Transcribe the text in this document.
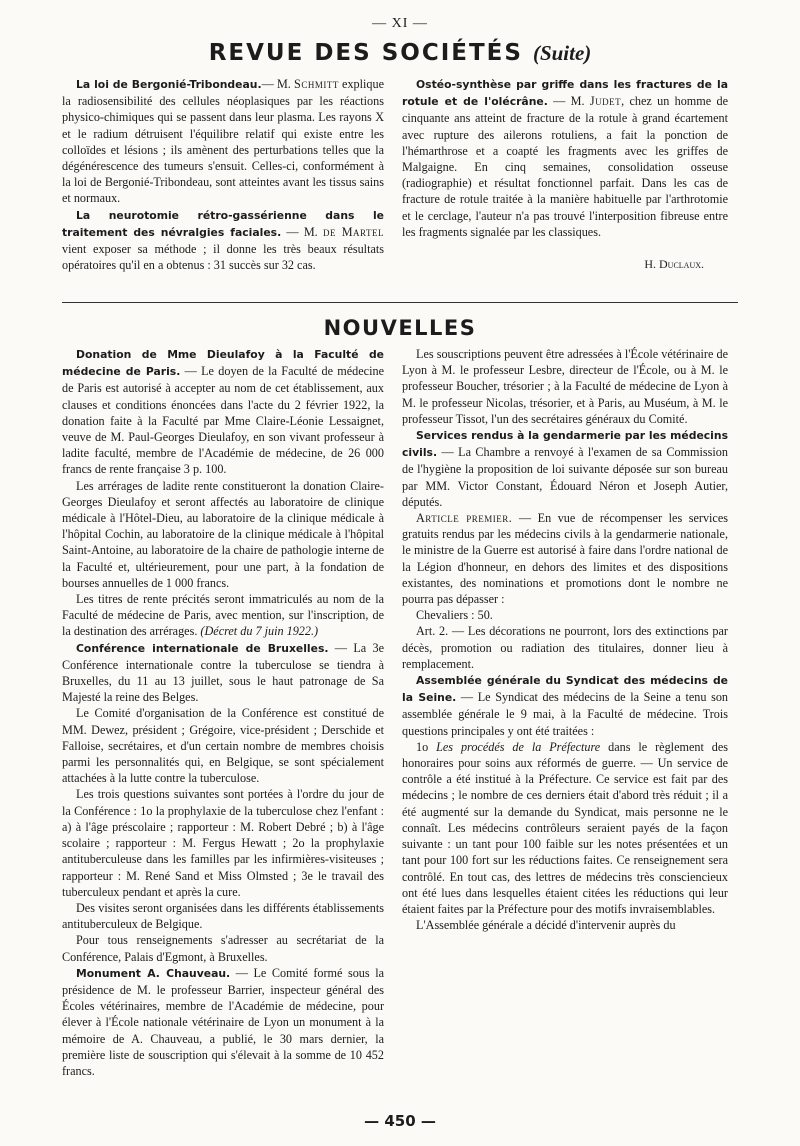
— XI —
REVUE DES SOCIÉTÉS (Suite)

La loi de Bergonié-Tribondeau.— M. Schmitt explique la radiosensibilité des cellules néoplasiques par les réactions physico-chimiques qui se passent dans leur plasma. Les rayons X et le radium détruisent l'équilibre relatif qui existe entre les colloïdes et lésions ; ils amènent des perturbations telles que la dégénérescence des tumeurs s'ensuit. Celles-ci, conformément à la loi de Bergonié-Tribondeau, sont atteintes avant les tissus sains et normaux.

La neurotomie rétro-gassérienne dans le traitement des névralgies faciales. — M. de Martel vient exposer sa méthode ; il donne les très beaux résultats opératoires qu'il en a obtenus : 31 succès sur 32 cas.

Ostéo-synthèse par griffe dans les fractures de la rotule et de l'olécrâne. — M. Judet, chez un homme de cinquante ans atteint de fracture de la rotule à grand écartement avec rupture des ailerons rotuliens, a fait la ponction de l'hémarthrose et a coapté les fragments avec les griffes de Malgaigne. En cinq semaines, consolidation osseuse (radiographie) et résultat fonctionnel parfait. Dans les cas de fracture de rotule traitée à la manière habituelle par l'arthrotomie et le cerclage, l'auteur n'a pas trouvé l'interposition fibreuse entre les fragments signalée par les classiques.

H. Duclaux.
NOUVELLES

Donation de Mme Dieulafoy à la Faculté de médecine de Paris. — Le doyen de la Faculté de médecine de Paris est autorisé à accepter au nom de cet établissement, aux clauses et conditions énoncées dans l'acte du 2 février 1922, la donation faite à la Faculté par Mme Claire-Léonie Lessaignet, veuve de M. Paul-Georges Dieulafoy, en son vivant professeur à ladite faculté, membre de l'Académie de médecine, de 26 000 francs de rente française 3 p. 100.

Les arrérages de ladite rente constitueront la donation Claire-Georges Dieulafoy et seront affectés au laboratoire de clinique médicale à l'Hôtel-Dieu, au laboratoire de la clinique médicale à l'hôpital Cochin, au laboratoire de la clinique médicale à l'hôpital Saint-Antoine, au laboratoire de la chaire de pathologie interne de la Faculté et, ultérieurement, pour une part, à la fondation de bourses annuelles de 1 000 francs.

Les titres de rente précités seront immatriculés au nom de la Faculté de médecine de Paris, avec mention, sur l'inscription, de la destination des arrérages. (Décret du 7 juin 1922.)

Conférence internationale de Bruxelles. — La 3e Conférence internationale contre la tuberculose se tiendra à Bruxelles, du 11 au 13 juillet, sous le haut patronage de Sa Majesté la reine des Belges.

Le Comité d'organisation de la Conférence est constitué de MM. Dewez, président ; Grégoire, vice-président ; Derschide et Falloise, secrétaires, et d'un certain nombre de membres choisis parmi les personnalités qui, en Belgique, se sont spécialement attachées à la lutte contre la tuberculose.

Les trois questions suivantes sont portées à l'ordre du jour de la Conférence : 1o la prophylaxie de la tuberculose chez l'enfant : a) à l'âge préscolaire ; rapporteur : M. Robert Debré ; b) à l'âge scolaire ; rapporteur : M. Fergus Hewatt ; 2o la prophylaxie antituberculeuse dans les familles par les infirmières-visiteuses ; rapporteur : M. René Sand et Miss Olmsted ; 3e le travail des tuberculeux pendant et après la cure.

Des visites seront organisées dans les différents établissements antituberculeux de Belgique.

Pour tous renseignements s'adresser au secrétariat de la Conférence, Palais d'Egmont, à Bruxelles.

Monument A. Chauveau. — Le Comité formé sous la présidence de M. le professeur Barrier, inspecteur général des Écoles vétérinaires, membre de l'Académie de médecine, pour élever à l'École nationale vétérinaire de Lyon un monument à la mémoire de A. Chauveau, a publié, le 30 mars dernier, la première liste de souscription qui s'élevait à la somme de 10 452 francs.

Les souscriptions peuvent être adressées à l'École vétérinaire de Lyon à M. le professeur Lesbre, directeur de l'École, ou à M. le professeur Boucher, trésorier ; à la Faculté de médecine de Lyon à M. le professeur Nicolas, trésorier, et à Paris, au Muséum, à M. le professeur Tissot, l'un des secrétaires généraux du Comité.

Services rendus à la gendarmerie par les médecins civils. — La Chambre a renvoyé à l'examen de sa Commission de l'hygiène la proposition de loi suivante déposée sur son bureau par MM. Victor Constant, Édouard Néron et Joseph Autier, députés.

Article premier. — En vue de récompenser les services gratuits rendus par les médecins civils à la gendarmerie nationale, le ministre de la Guerre est autorisé à faire dans l'ordre national de la Légion d'honneur, en dehors des limites et des dispositions existantes, des nominations et promotions dont le nombre ne pourra pas dépasser :

Chevaliers : 50.

Art. 2. — Les décorations ne pourront, lors des extinctions par décès, promotion ou radiation des titulaires, donner lieu à remplacement.

Assemblée générale du Syndicat des médecins de la Seine. — Le Syndicat des médecins de la Seine a tenu son assemblée générale le 9 mai, à la Faculté de médecine. Trois questions principales y ont été traitées :

1o Les procédés de la Préfecture dans le règlement des honoraires pour soins aux réformés de guerre. — Un service de contrôle a été institué à la Préfecture. Ce service est fait par des médecins ; le nombre de ces derniers était d'abord très réduit ; il a été augmenté sur la demande du Syndicat, mais personne ne le connaît. Les médecins contrôleurs seraient payés de la façon suivante : un tant pour 100 faible sur les notes présentées et un tant pour 100 fort sur les réductions faites. Ce renseignement sera contrôlé. En tout cas, des lettres de médecins très consciencieux ont été lues dans lesquelles étaient citées les réductions qui leur étaient faites par la Préfecture pour des motifs invraisemblables.

L'Assemblée générale a décidé d'intervenir auprès du

— 450 —
